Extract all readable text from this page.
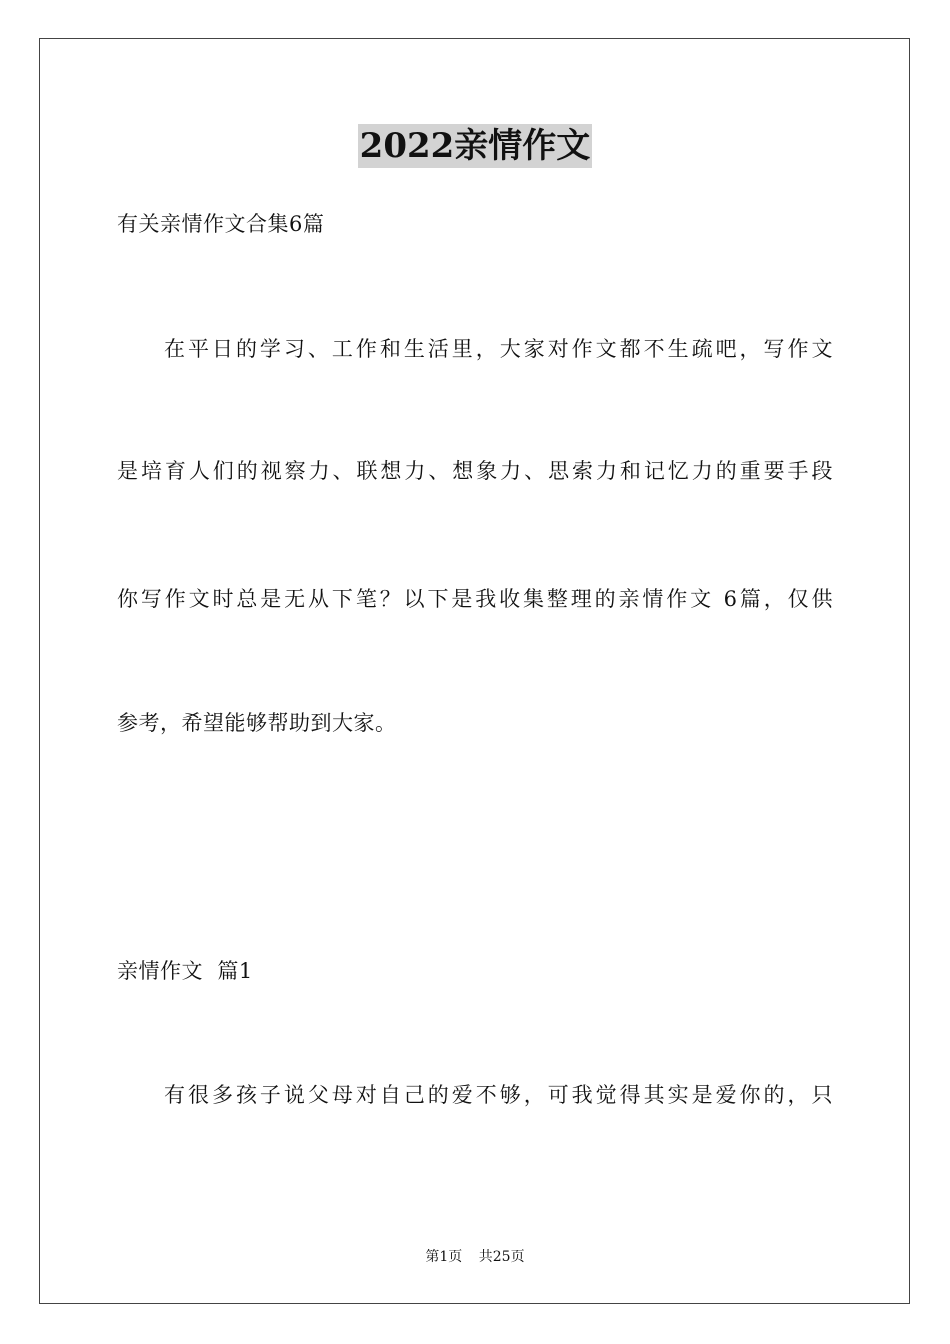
2022亲情作文
有关亲情作文合集6篇
在平日的学习、工作和生活里，大家对作文都不生疏吧，写作文
是培育人们的视察力、联想力、想象力、思索力和记忆力的重要手段
你写作文时总是无从下笔？以下是我收集整理的亲情作文 6篇，仅供
参考，希望能够帮助到大家。
亲情作文  篇1
有很多孩子说父母对自己的爱不够，可我觉得其实是爱你的，只
第1页 共25页
